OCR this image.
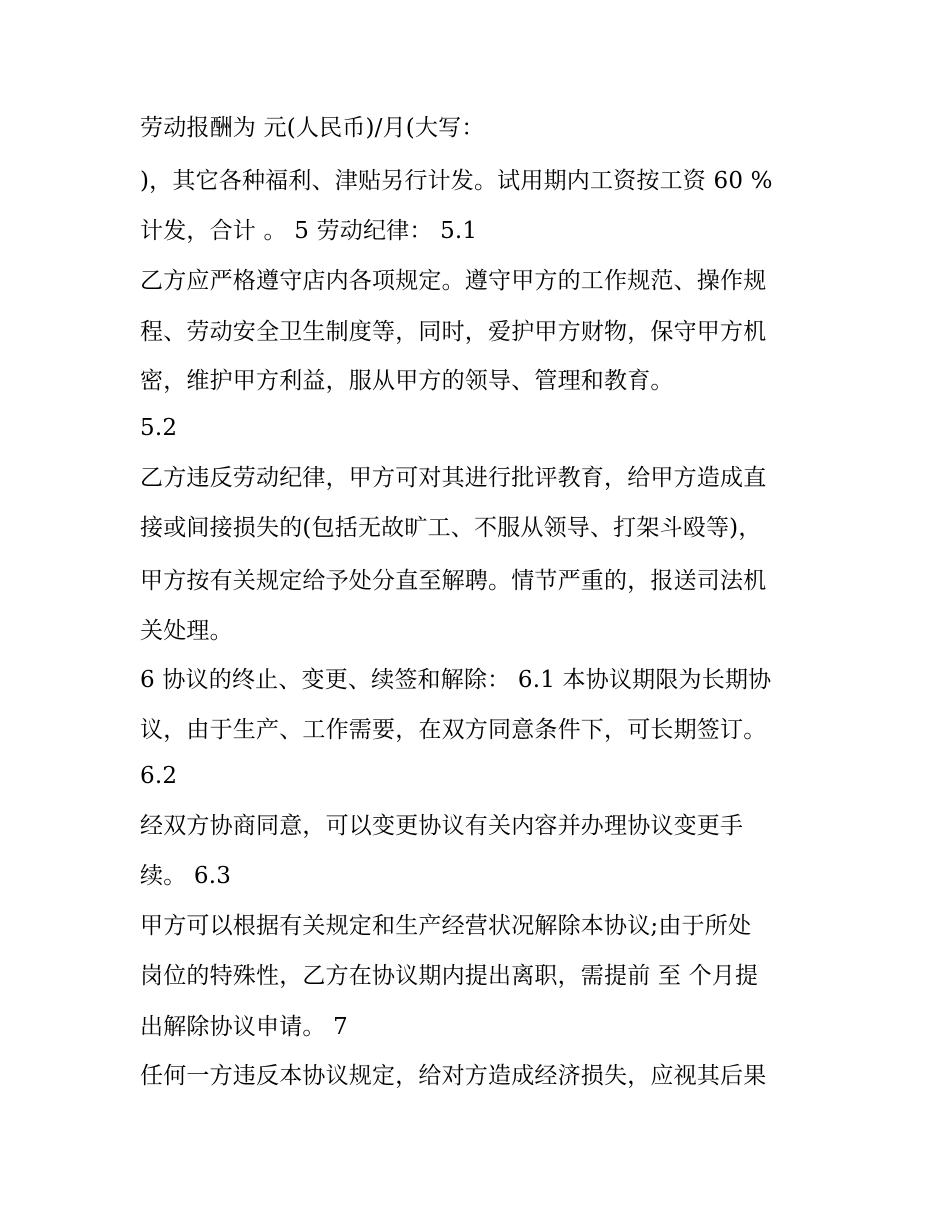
劳动报酬为 元(人民币)/月(大写：

)，其它各种福利、津贴另行计发。试用期内工资按工资 60 %

计发，合计 。 5 劳动纪律： 5.1

乙方应严格遵守店内各项规定。遵守甲方的工作规范、操作规

程、劳动安全卫生制度等，同时，爱护甲方财物，保守甲方机

密，维护甲方利益，服从甲方的领导、管理和教育。

5.2

乙方违反劳动纪律，甲方可对其进行批评教育，给甲方造成直

接或间接损失的(包括无故旷工、不服从领导、打架斗殴等)，

甲方按有关规定给予处分直至解聘。情节严重的，报送司法机

关处理。

6 协议的终止、变更、续签和解除： 6.1 本协议期限为长期协

议，由于生产、工作需要，在双方同意条件下，可长期签订。

6.2

经双方协商同意，可以变更协议有关内容并办理协议变更手

续。 6.3

甲方可以根据有关规定和生产经营状况解除本协议;由于所处

岗位的特殊性，乙方在协议期内提出离职，需提前 至 个月提

出解除协议申请。 7

任何一方违反本协议规定，给对方造成经济损失，应视其后果
